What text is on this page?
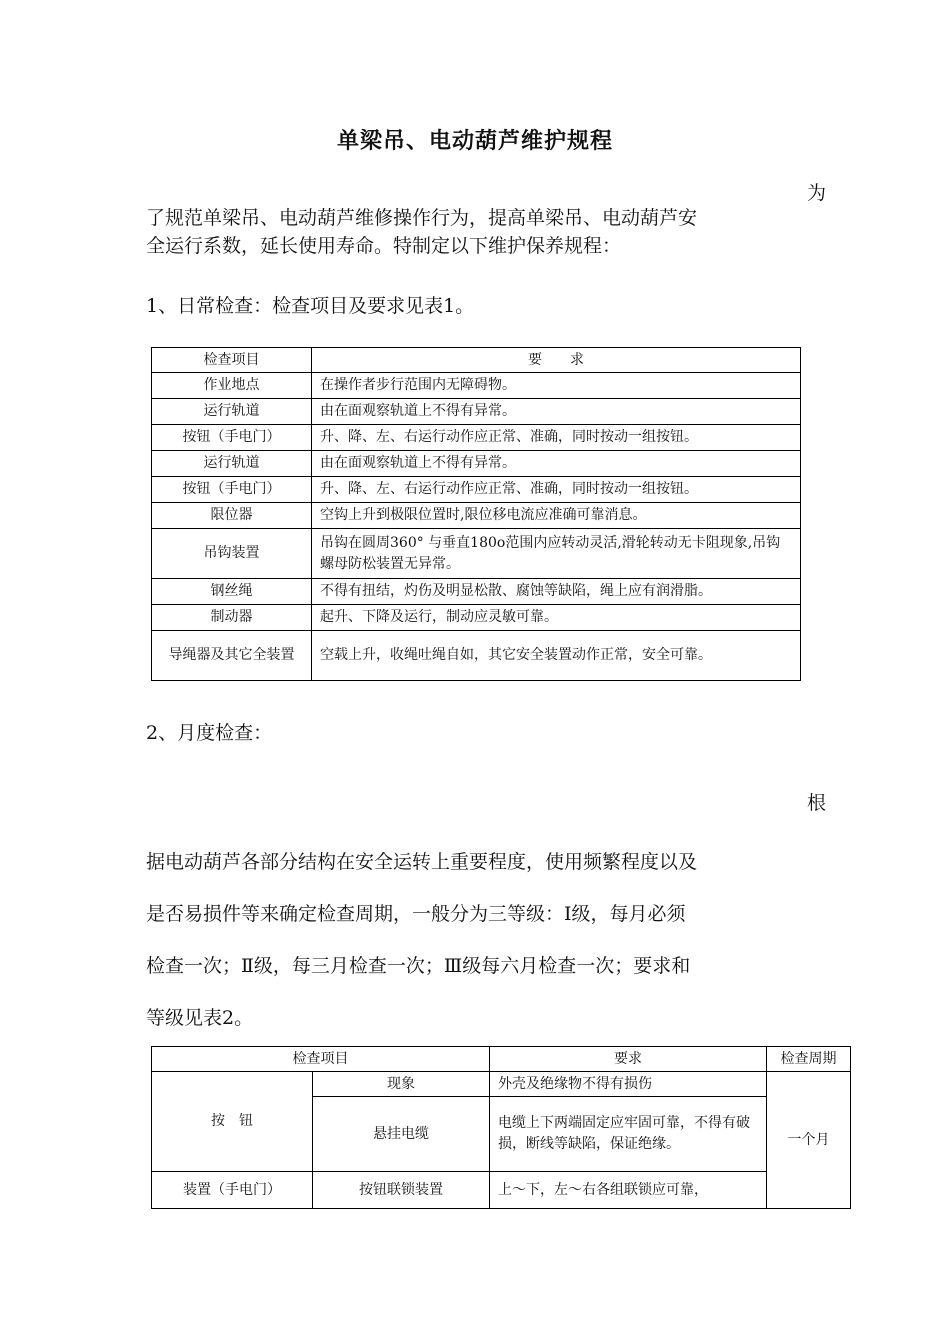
单梁吊、电动葫芦维护规程
为
了规范单梁吊、电动葫芦维修操作行为，提高单梁吊、电动葫芦安
全运行系数，延长使用寿命。特制定以下维护保养规程：
1、日常检查：检查项目及要求见表1。
检查项目	要　　求
作业地点	在操作者步行范围内无障碍物。
运行轨道	由在面观察轨道上不得有异常。
按钮（手电门）	升、降、左、右运行动作应正常、准确，同时按动一组按钮。
运行轨道	由在面观察轨道上不得有异常。
按钮（手电门）	升、降、左、右运行动作应正常、准确，同时按动一组按钮。
限位器	空钩上升到极限位置时,限位移电流应准确可靠消息。
吊钩装置	吊钩在圆周360° 与垂直180o范围内应转动灵活,滑轮转动无卡阻现象,吊钩螺母防松装置无异常。
钢丝绳	不得有扭结，灼伤及明显松散、腐蚀等缺陷，绳上应有润滑脂。
制动器	起升、下降及运行，制动应灵敏可靠。
导绳器及其它全装置	空载上升，收绳吐绳自如，其它安全装置动作正常，安全可靠。
2、月度检查：
根
据电动葫芦各部分结构在安全运转上重要程度，使用频繁程度以及
是否易损件等来确定检查周期，一般分为三等级：Ⅰ级，每月必须
检查一次；Ⅱ级，每三月检查一次；Ⅲ级每六月检查一次；要求和
等级见表2。
检查项目		要求	检查周期
按　钮	现象	外壳及绝缘物不得有损伤	一个月
	悬挂电缆	电缆上下两端固定应牢固可靠，不得有破损，断线等缺陷，保证绝缘。	
装置（手电门）	按钮联锁装置	上～下，左～右各组联锁应可靠，	
